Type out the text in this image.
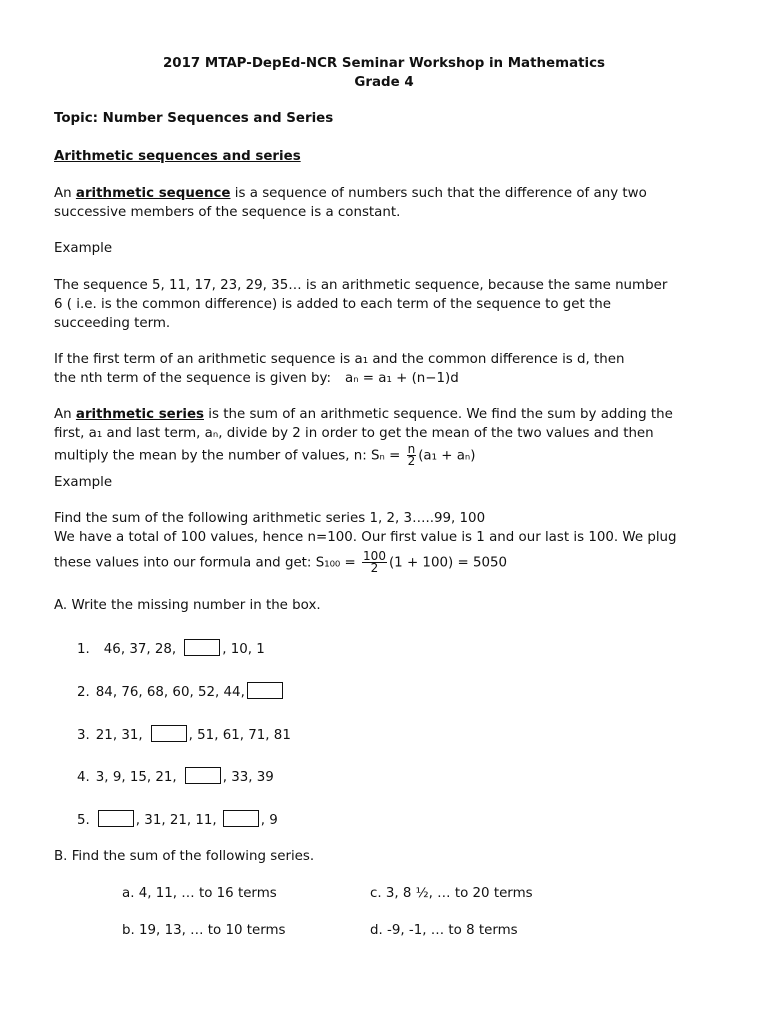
2017 MTAP-DepEd-NCR Seminar Workshop in Mathematics
Grade 4
Topic: Number Sequences and Series
Arithmetic sequences and series
An arithmetic sequence is a sequence of numbers such that the difference of any two
successive members of the sequence is a constant.
Example
The sequence 5, 11, 17, 23, 29, 35… is an arithmetic sequence, because the same number
6 ( i.e. is the common difference) is added to each term of the sequence to get the
succeeding term.
If the first term of an arithmetic sequence is a₁ and the common difference is d, then
the nth term of the sequence is given by: aₙ = a₁ + (n−1)d
An arithmetic series is the sum of an arithmetic sequence. We find the sum by adding the
first, a₁ and last term, aₙ, divide by 2 in order to get the mean of the two values and then
multiply the mean by the number of values, n: $S_n = \frac{n}{2} (a_1 + a_n)$
Example
Find the sum of the following arithmetic series 1, 2, 3…..99, 100
We have a total of 100 values, hence n=100. Our first value is 1 and our last is 100. We plug
these values into our formula and get: $S_{100} = \frac{100}{2} (1 + 100) = 5050$
A. Write the missing number in the box.
1. 46, 37, 28,	, 10, 1
2. 84, 76, 68, 60, 52, 44,
3. 21, 31,	, 51, 61, 71, 81
4. 3, 9, 15, 21,	, 33, 39
5.	, 31, 21, 11,	, 9
B. Find the sum of the following series.
a. 4, 11, … to 16 terms	c. 3, 8 ½, … to 20 terms
b. 19, 13, … to 10 terms	d. -9, -1, … to 8 terms
